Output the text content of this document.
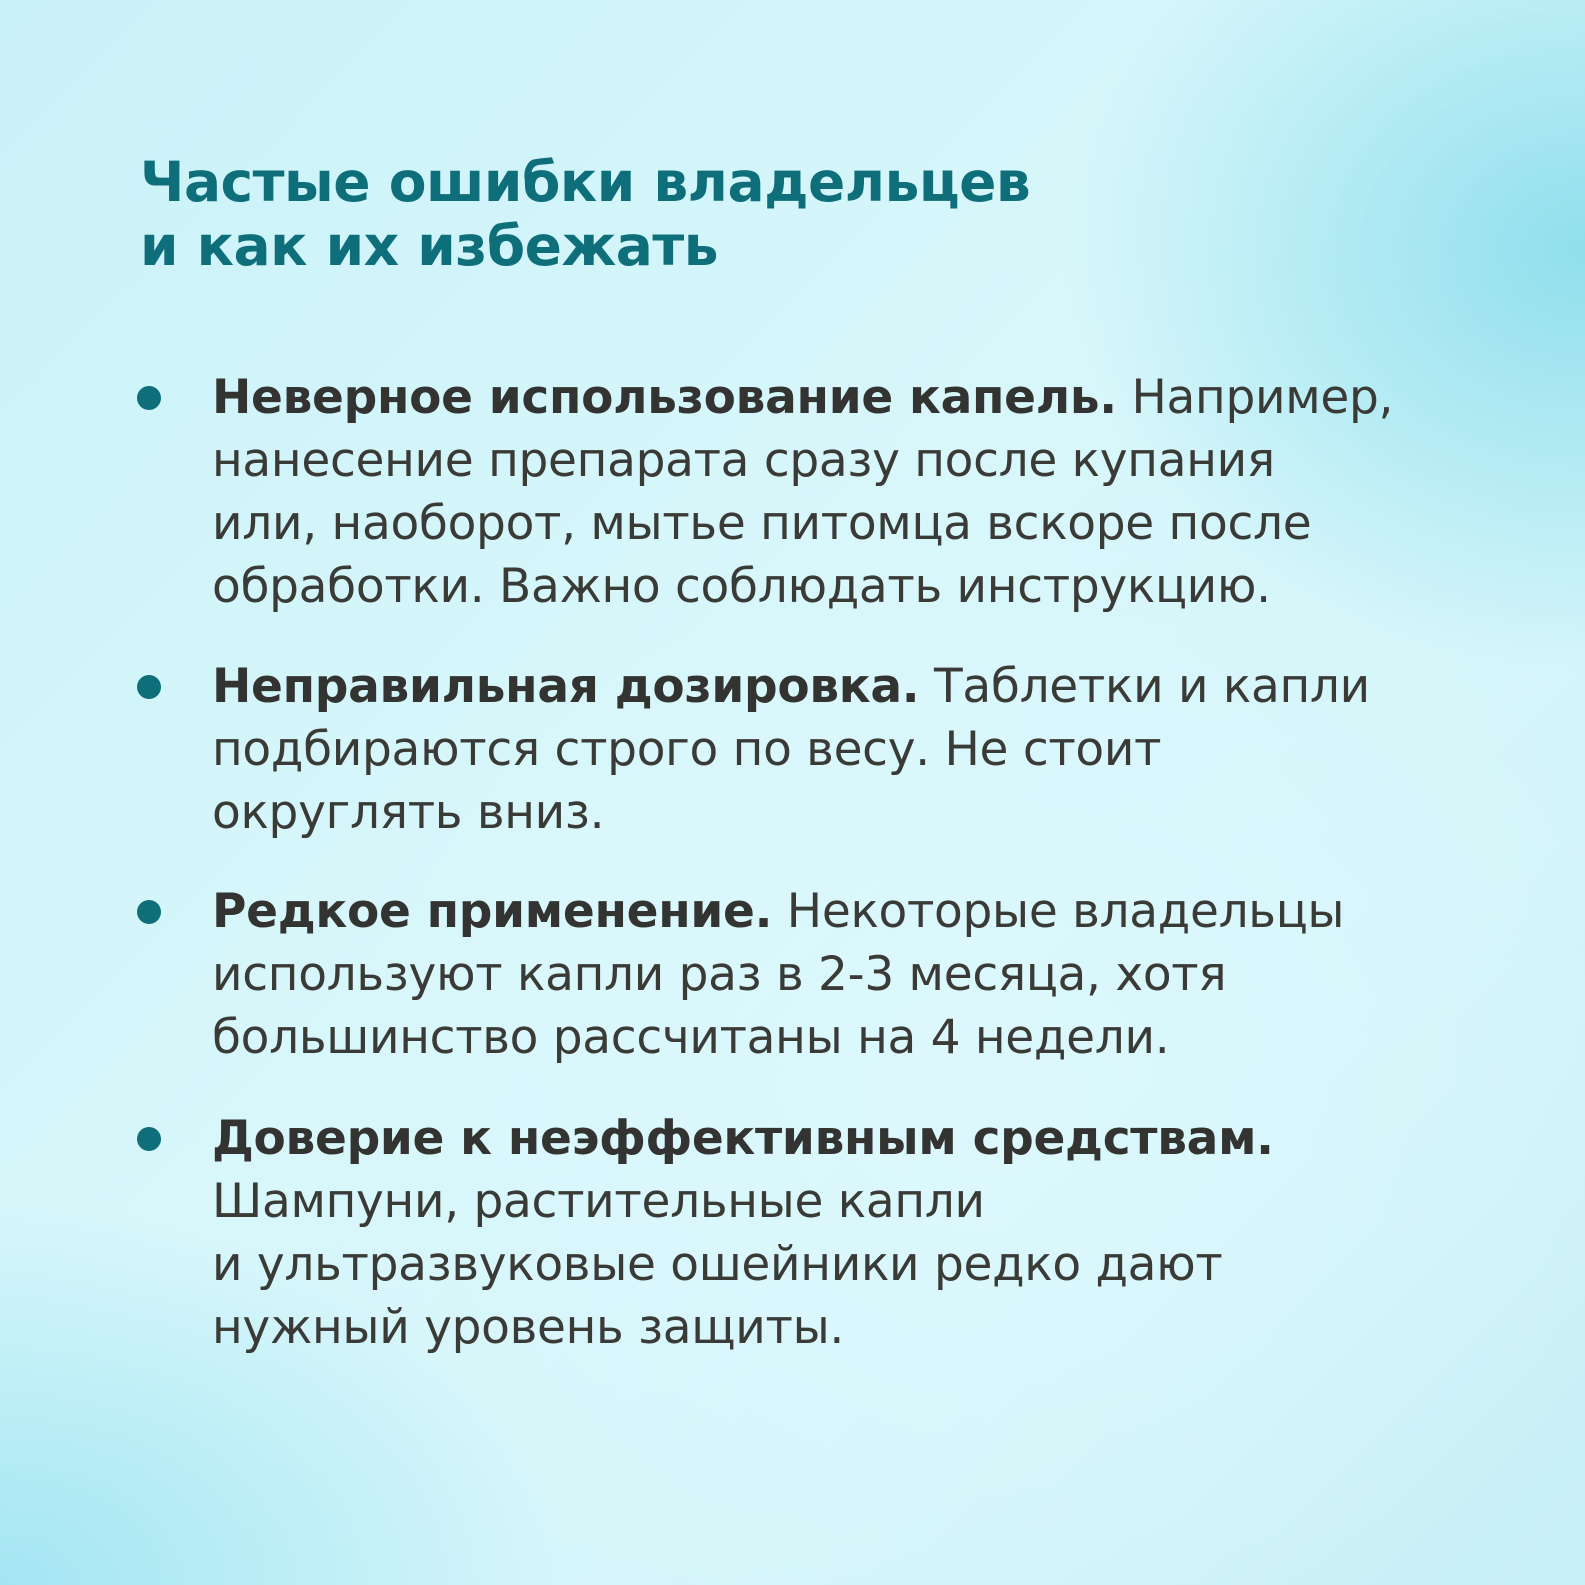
Частые ошибки владельцев
и как их избежать
Неверное использование капель. Например,
нанесение препарата сразу после купания
или, наоборот, мытье питомца вскоре после
обработки. Важно соблюдать инструкцию.
Неправильная дозировка. Таблетки и капли
подбираются строго по весу. Не стоит
округлять вниз.
Редкое применение. Некоторые владельцы
используют капли раз в 2-3 месяца, хотя
большинство рассчитаны на 4 недели.
Доверие к неэффективным средствам.
Шампуни, растительные капли
и ультразвуковые ошейники редко дают
нужный уровень защиты.
